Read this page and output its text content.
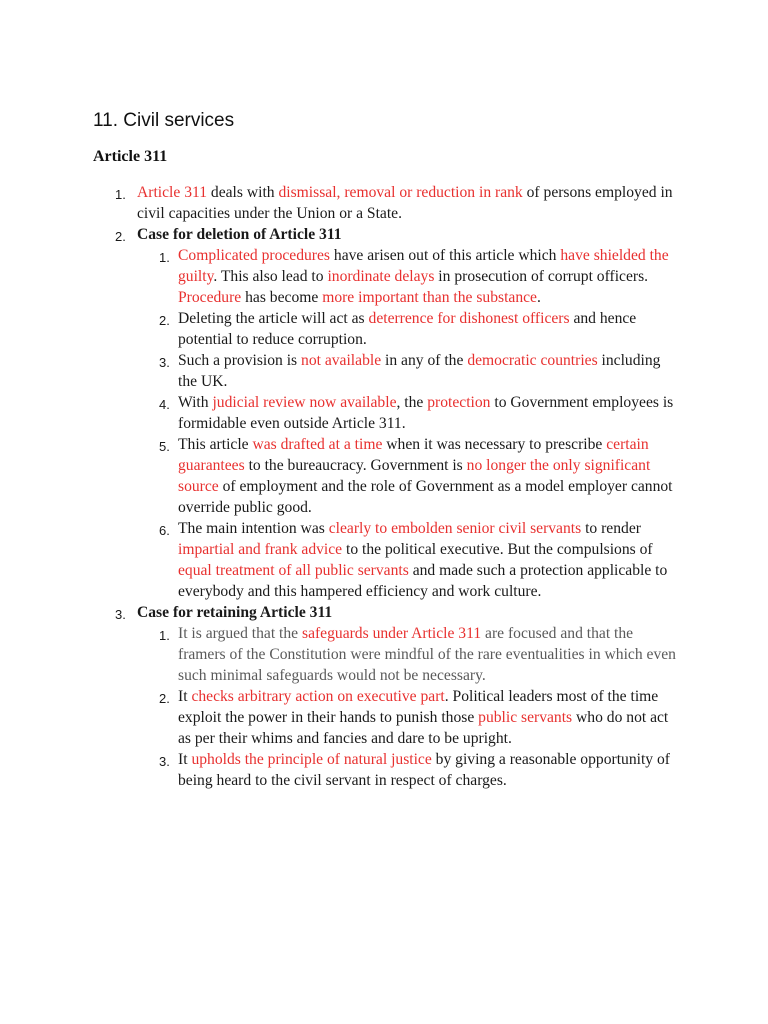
11. Civil services
Article 311
1. Article 311 deals with dismissal, removal or reduction in rank of persons employed in civil capacities under the Union or a State.
2. Case for deletion of Article 311
1. Complicated procedures have arisen out of this article which have shielded the guilty. This also lead to inordinate delays in prosecution of corrupt officers. Procedure has become more important than the substance.
2. Deleting the article will act as deterrence for dishonest officers and hence potential to reduce corruption.
3. Such a provision is not available in any of the democratic countries including the UK.
4. With judicial review now available, the protection to Government employees is formidable even outside Article 311.
5. This article was drafted at a time when it was necessary to prescribe certain guarantees to the bureaucracy. Government is no longer the only significant source of employment and the role of Government as a model employer cannot override public good.
6. The main intention was clearly to embolden senior civil servants to render impartial and frank advice to the political executive. But the compulsions of equal treatment of all public servants and made such a protection applicable to everybody and this hampered efficiency and work culture.
3. Case for retaining Article 311
1. It is argued that the safeguards under Article 311 are focused and that the framers of the Constitution were mindful of the rare eventualities in which even such minimal safeguards would not be necessary.
2. It checks arbitrary action on executive part. Political leaders most of the time exploit the power in their hands to punish those public servants who do not act as per their whims and fancies and dare to be upright.
3. It upholds the principle of natural justice by giving a reasonable opportunity of being heard to the civil servant in respect of charges.
